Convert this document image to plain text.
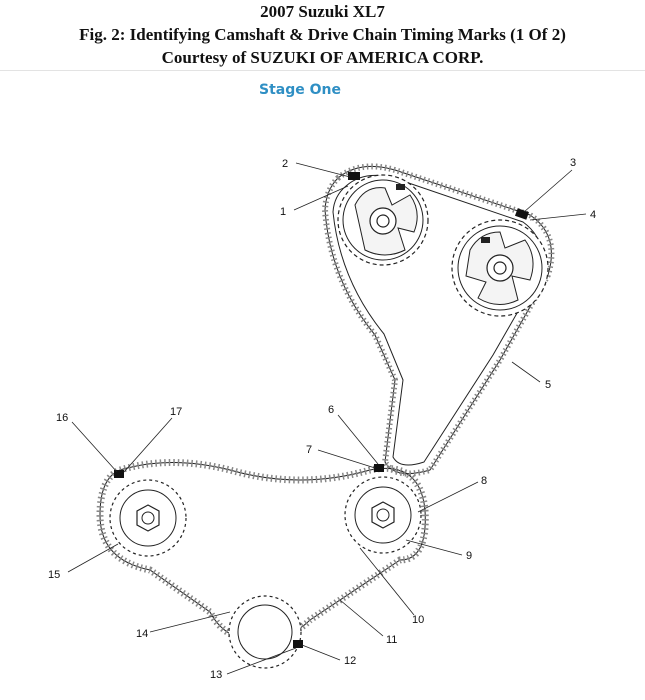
2007 Suzuki XL7
Fig. 2: Identifying Camshaft & Drive Chain Timing Marks (1 Of 2)
Courtesy of SUZUKI OF AMERICA CORP.
Stage One
2
1
3
4
5
6
7
8
9
10
11
12
13
14
15
16	17
